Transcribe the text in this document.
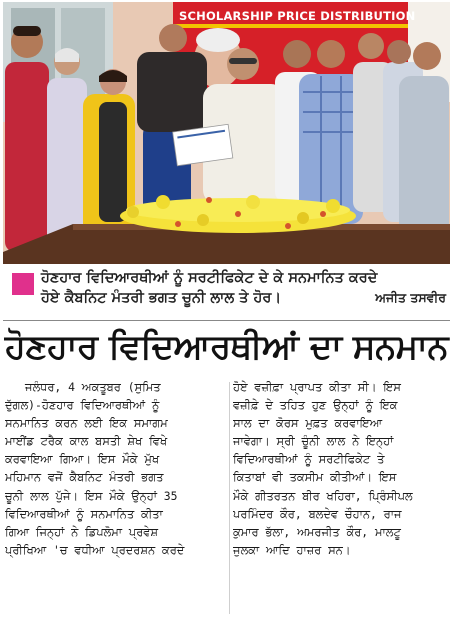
SCHOLARSHIP PRICE DISTRIBUTION
ਹੋਣਹਾਰ ਵਿਦਿਆਰਥੀਆਂ ਨੂੰ ਸਰਟੀਫਿਕੇਟ ਦੇ ਕੇ ਸਨਮਾਨਿਤ ਕਰਦੇ
ਹੋਏ ਕੈਬਨਿਟ ਮੰਤਰੀ ਭਗਤ ਚੂਨੀ ਲਾਲ ਤੇ ਹੋਰ।	ਅਜੀਤ ਤਸਵੀਰ
ਹੋਣਹਾਰ ਵਿਦਿਆਰਥੀਆਂ ਦਾ ਸਨਮਾਨ
ਜਲੰਧਰ, 4 ਅਕਤੂਬਰ (ਸੁਮਿਤ
ਦੁੱਗਲ)-ਹੋਣਹਾਰ ਵਿਦਿਆਰਥੀਆਂ ਨੂੰ
ਸਨਮਾਨਿਤ ਕਰਨ ਲਈ ਇਕ ਸਮਾਗਮ
ਮਾਈਂਡ ਟਰੈਕ ਕਾਲ ਬਸਤੀ ਸ਼ੇਖ ਵਿਖੇ
ਕਰਵਾਇਆ ਗਿਆ। ਇਸ ਮੌਕੇ ਮੁੱਖ
ਮਹਿਮਾਨ ਵਜੋਂ ਕੈਬਨਿਟ ਮੰਤਰੀ ਭਗਤ
ਚੂਨੀ ਲਾਲ ਪੁੱਜੇ। ਇਸ ਮੌਕੇ ਉਨ੍ਹਾਂ 35
ਵਿਦਿਆਰਥੀਆਂ ਨੂੰ ਸਨਮਾਨਿਤ ਕੀਤਾ
ਗਿਆ ਜਿਨ੍ਹਾਂ ਨੇ ਡਿਪਲੋਮਾ ਪ੍ਰਵੇਸ਼
ਪ੍ਰੀਖਿਆ 'ਚ ਵਧੀਆ ਪ੍ਰਦਰਸ਼ਨ ਕਰਦੇ
ਹੋਏ ਵਜ਼ੀਫ਼ਾ ਪ੍ਰਾਪਤ ਕੀਤਾ ਸੀ। ਇਸ
ਵਜ਼ੀਫ਼ੇ ਦੇ ਤਹਿਤ ਹੁਣ ਉਨ੍ਹਾਂ ਨੂੰ ਇਕ
ਸਾਲ ਦਾ ਕੋਰਸ ਮੁਫ਼ਤ ਕਰਵਾਇਆ
ਜਾਵੇਗਾ। ਸ੍ਰੀ ਚੂੰਨੀ ਲਾਲ ਨੇ ਇਨ੍ਹਾਂ
ਵਿਦਿਆਰਥੀਆਂ ਨੂੰ ਸਰਟੀਫਿਕੇਟ ਤੇ
ਕਿਤਾਬਾਂ ਵੀ ਤਕਸੀਮ ਕੀਤੀਆਂ। ਇਸ
ਮੌਕੇ ਗੀਤਰਤਨ ਬੀਰ ਖਹਿਰਾ, ਪ੍ਰਿੰਸੀਪਲ
ਪਰਮਿੰਦਰ ਕੌਰ, ਬਲਦੇਵ ਚੌਹਾਨ, ਰਾਜ
ਕੁਮਾਰ ਭੱਲਾ, ਅਮਰਜੀਤ ਕੌਰ, ਮਾਲਟੂ
ਜੁਲਕਾ ਆਦਿ ਹਾਜ਼ਰ ਸਨ।
